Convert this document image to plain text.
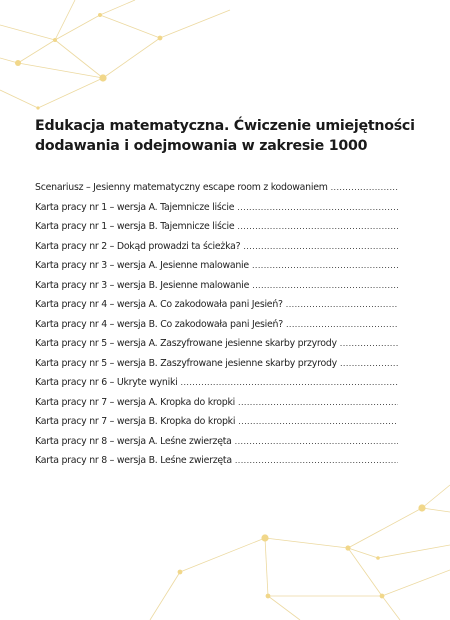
Edukacja matematyczna. Ćwiczenie umiejętności
dodawania i odejmowania w zakresie 1000
Scenariusz – Jesienny matematyczny escape room z kodowaniem
.....
Karta pracy nr 1 – wersja A. Tajemnicze liście
.....
Karta pracy nr 1 – wersja B. Tajemnicze liście
.....
Karta pracy nr 2 – Dokąd prowadzi ta ścieżka?
.....
Karta pracy nr 3 – wersja A. Jesienne malowanie
.....
Karta pracy nr 3 – wersja B. Jesienne malowanie
.....
Karta pracy nr 4 – wersja A. Co zakodowała pani Jesień?
.....
Karta pracy nr 4 – wersja B. Co zakodowała pani Jesień?
.....
Karta pracy nr 5 – wersja A. Zaszyfrowane jesienne skarby przyrody
.....
Karta pracy nr 5 – wersja B. Zaszyfrowane jesienne skarby przyrody
.....
Karta pracy nr 6 – Ukryte wyniki
.....
Karta pracy nr 7 – wersja A. Kropka do kropki
.....
Karta pracy nr 7 – wersja B. Kropka do kropki
.....
Karta pracy nr 8 – wersja A. Leśne zwierzęta
.....
Karta pracy nr 8 – wersja B. Leśne zwierzęta
.....
